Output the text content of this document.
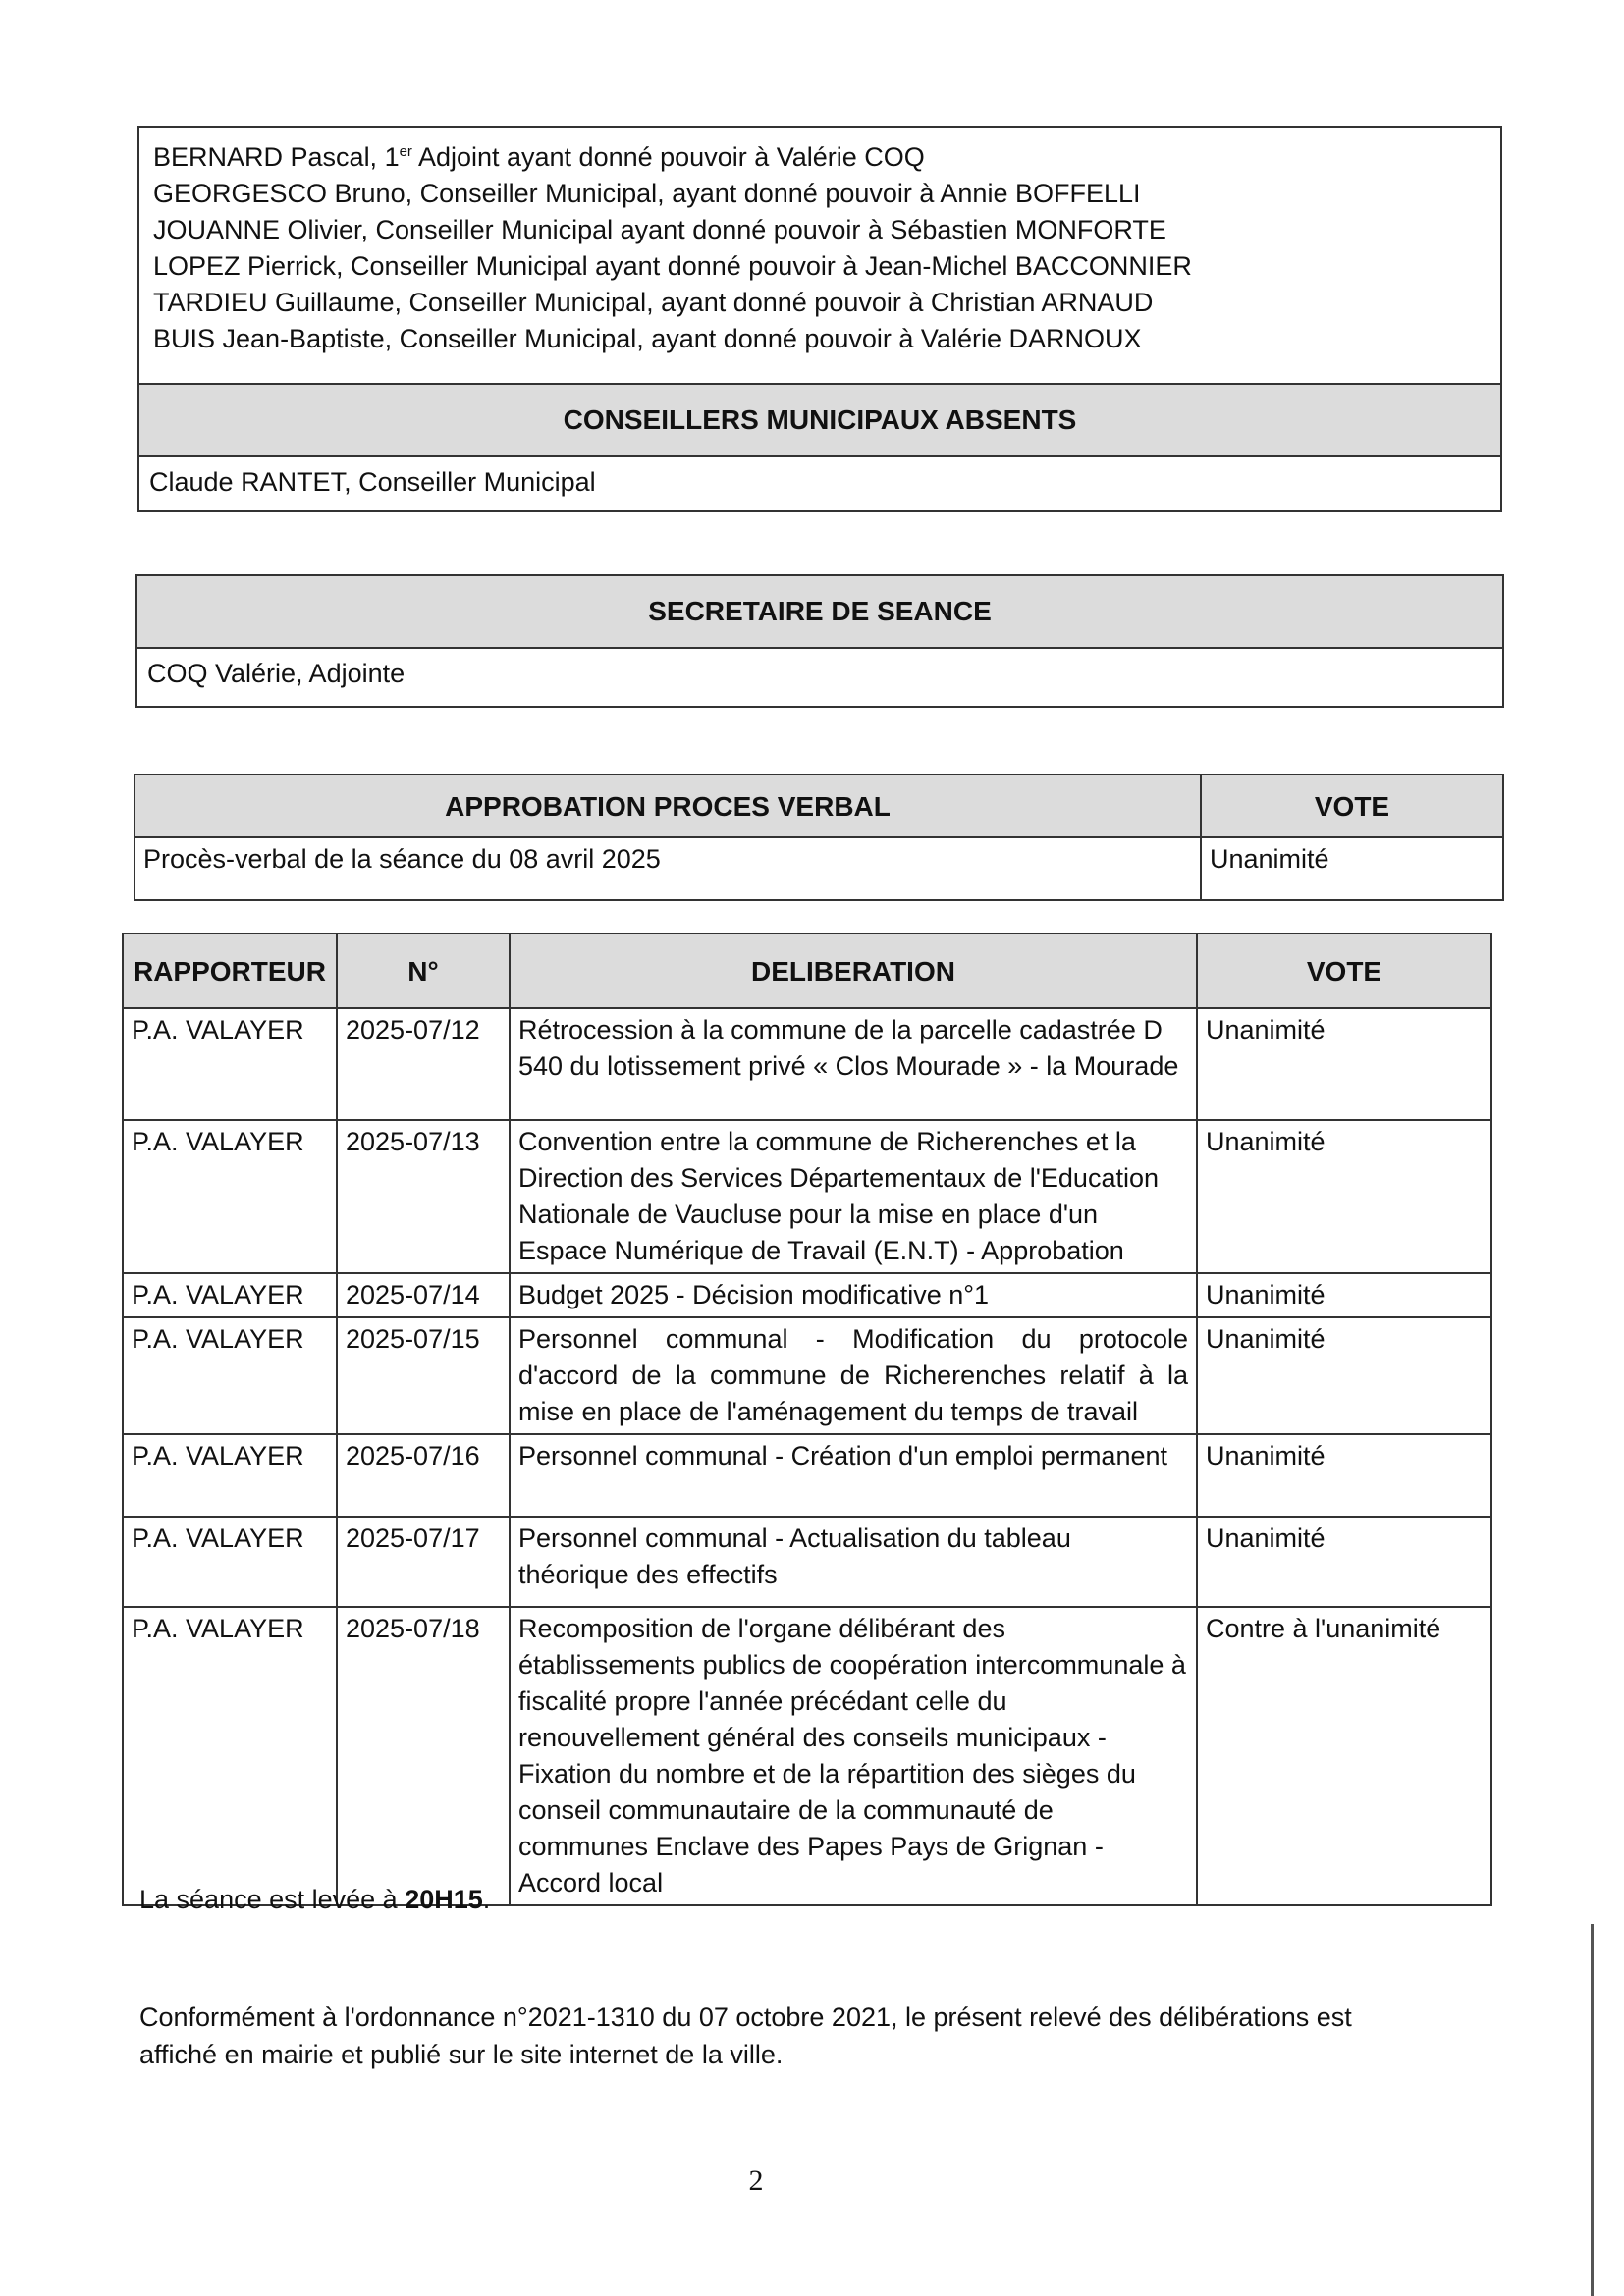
BERNARD Pascal, 1er Adjoint ayant donné pouvoir à Valérie COQ
GEORGESCO Bruno, Conseiller Municipal, ayant donné pouvoir à Annie BOFFELLI
JOUANNE Olivier, Conseiller Municipal ayant donné pouvoir à Sébastien MONFORTE
LOPEZ Pierrick, Conseiller Municipal ayant donné pouvoir à Jean-Michel BACCONNIER
TARDIEU Guillaume, Conseiller Municipal, ayant donné pouvoir à Christian ARNAUD
BUIS Jean-Baptiste, Conseiller Municipal, ayant donné pouvoir à Valérie DARNOUX
CONSEILLERS MUNICIPAUX ABSENTS
Claude RANTET, Conseiller Municipal
SECRETAIRE DE SEANCE
COQ Valérie, Adjointe
APPROBATION PROCES VERBAL	VOTE
Procès-verbal de la séance du 08 avril 2025	Unanimité
RAPPORTEUR	N°	DELIBERATION	VOTE
P.A. VALAYER	2025-07/12	Rétrocession à la commune de la parcelle cadastrée D 540 du lotissement privé « Clos Mourade » - la Mourade	Unanimité
P.A. VALAYER	2025-07/13	Convention entre la commune de Richerenches et la Direction des Services Départementaux de l'Education Nationale de Vaucluse pour la mise en place d'un Espace Numérique de Travail (E.N.T) - Approbation	Unanimité
P.A. VALAYER	2025-07/14	Budget 2025 - Décision modificative n°1	Unanimité
P.A. VALAYER	2025-07/15	Personnel communal - Modification du protocole d'accord de la commune de Richerenches relatif à la mise en place de l'aménagement du temps de travail	Unanimité
P.A. VALAYER	2025-07/16	Personnel communal - Création d'un emploi permanent	Unanimité
P.A. VALAYER	2025-07/17	Personnel communal - Actualisation du tableau théorique des effectifs	Unanimité
P.A. VALAYER	2025-07/18	Recomposition de l'organe délibérant des établissements publics de coopération intercommunale à fiscalité propre l'année précédant celle du renouvellement général des conseils municipaux - Fixation du nombre et de la répartition des sièges du conseil communautaire de la communauté de communes Enclave des Papes Pays de Grignan - Accord local	Contre à l'unanimité
La séance est levée à 20H15.
Conformément à l'ordonnance n°2021-1310 du 07 octobre 2021, le présent relevé des délibérations est affiché en mairie et publié sur le site internet de la ville.
2
